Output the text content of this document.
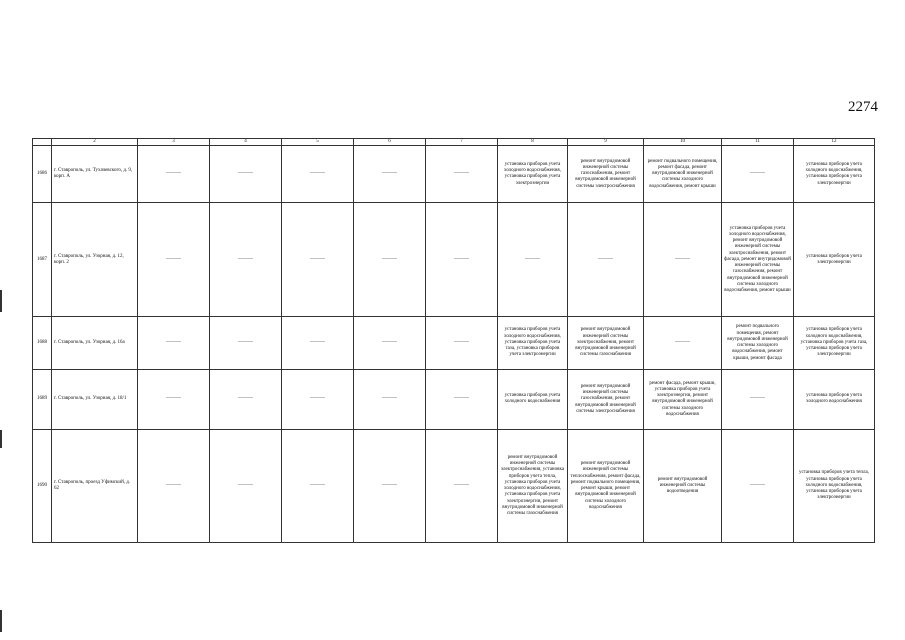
2274
	2	3	4	5	6	7	8	9	10	11	12
1686	г. Ставрополь, ул. Тухачевского, д. 9, корп. А	———	———	———	———	———	установка приборов учета холодного водоснабжения, установка приборов учета электроэнергии	ремонт внутридомовой инженерной системы газоснабжения, ремонт внутридомовой инженерной системы электроснабжения	ремонт подвального помещения, ремонт фасада, ремонт внутридомовой инженерной системы холодного водоснабжения, ремонт крыши	———	установка приборов учета холодного водоснабжения, установка приборов учета электроэнергии
1687	г. Ставрополь, ул. Узорная, д. 12, корп. 2	———	———	———	———	———	———	———	———	установка приборов учета холодного водоснабжения, ремонт внутридомовой инженерной системы электроснабжения, ремонт фасада, ремонт внутридомовой инженерной системы газоснабжения, ремонт внутридомовой инженерной системы холодного водоснабжения, ремонт крыши	установка приборов учета электроэнергии
1688	г. Ставрополь, ул. Узорная, д. 16а	———	———	———	———	———	установка приборов учета холодного водоснабжения, установка приборов учета газа, установка приборов учета электроэнергии	ремонт внутридомовой инженерной системы электроснабжения, ремонт внутридомовой инженерной системы газоснабжения	———	ремонт подвального помещения, ремонт внутридомовой инженерной системы холодного водоснабжения, ремонт крыши, ремонт фасада	установка приборов учета холодного водоснабжения, установка приборов учета газа, установка приборов учета электроэнергии
1689	г. Ставрополь, ул. Узорная, д. 18/1	———	———	———	———	———	установка приборов учета холодного водоснабжения	ремонт внутридомовой инженерной системы газоснабжения, ремонт внутридомовой инженерной системы электроснабжения	ремонт фасада, ремонт крыши, установка приборов учета электроэнергии, ремонт внутридомовой инженерной системы холодного водоснабжения	———	установка приборов учета холодного водоснабжения
1690	г. Ставрополь, проезд Уфимский, д. 62	———	———	———	———	———	ремонт внутридомовой инженерной системы электроснабжения, установка приборов учета тепла, установка приборов учета холодного водоснабжения, установка приборов учета электроэнергии, ремонт внутридомовой инженерной системы газоснабжения	ремонт внутридомовой инженерной системы теплоснабжения, ремонт фасада, ремонт подвального помещения, ремонт крыши, ремонт внутридомовой инженерной системы холодного водоснабжения	ремонт внутридомовой инженерной системы водоотведения	———	установка приборов учета тепла, установка приборов учета холодного водоснабжения, установка приборов учета электроэнергии
